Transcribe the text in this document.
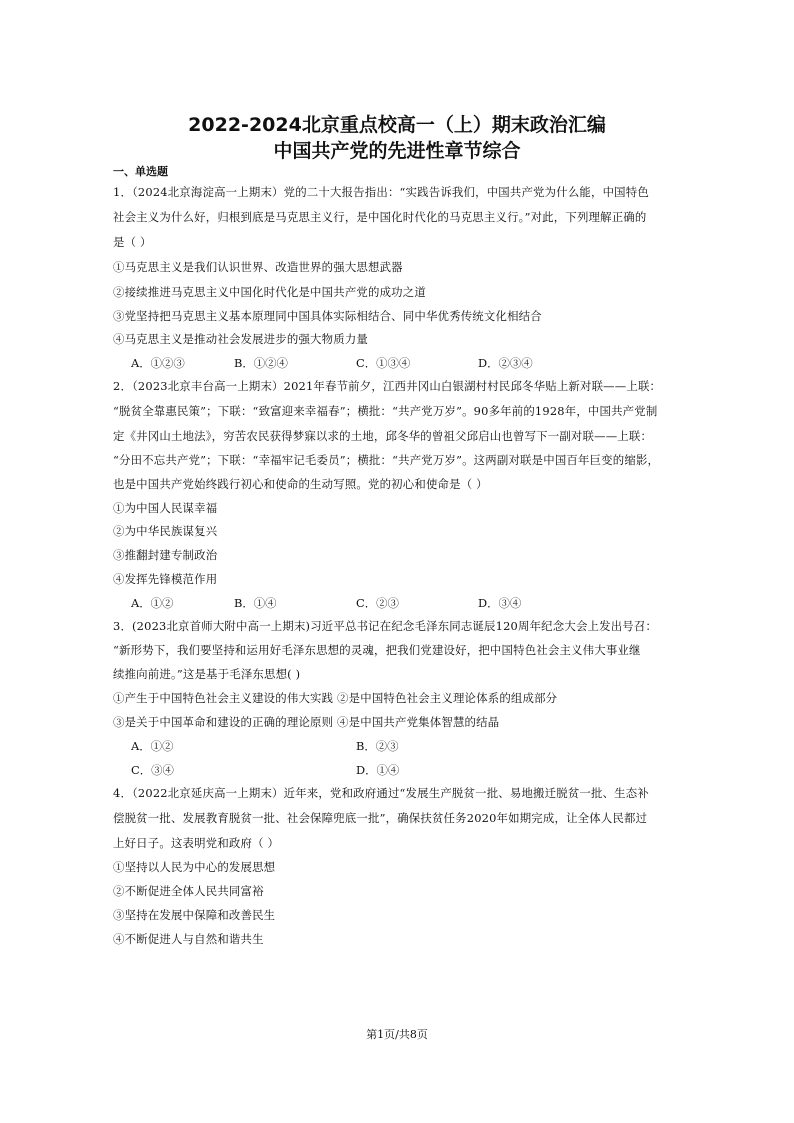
2022-2024北京重点校高一（上）期末政治汇编
中国共产党的先进性章节综合
一、单选题
1．（2024北京海淀高一上期末）党的二十大报告指出：“实践告诉我们，中国共产党为什么能，中国特色
社会主义为什么好，归根到底是马克思主义行，是中国化时代化的马克思主义行。”对此，下列理解正确的
是（ ）
①马克思主义是我们认识世界、改造世界的强大思想武器
②接续推进马克思主义中国化时代化是中国共产党的成功之道
③党坚持把马克思主义基本原理同中国具体实际相结合、同中华优秀传统文化相结合
④马克思主义是推动社会发展进步的强大物质力量
A．①②③	B．①②④	C．①③④	D．②③④
2．（2023北京丰台高一上期末）2021年春节前夕，江西井冈山白银湖村村民邱冬华贴上新对联——上联：
“脱贫全靠惠民策”；下联：“致富迎来幸福春”；横批：“共产党万岁”。90多年前的1928年，中国共产党制
定《井冈山土地法》，穷苦农民获得梦寐以求的土地，邱冬华的曾祖父邱启山也曾写下一副对联——上联：
“分田不忘共产党”；下联：“幸福牢记毛委员”；横批：“共产党万岁”。这两副对联是中国百年巨变的缩影，
也是中国共产党始终践行初心和使命的生动写照。党的初心和使命是（ ）
①为中国人民谋幸福
②为中华民族谋复兴
③推翻封建专制政治
④发挥先锋模范作用
A．①②	B．①④	C．②③	D．③④
3．(2023北京首师大附中高一上期末)习近平总书记在纪念毛泽东同志诞辰120周年纪念大会上发出号召：
“新形势下，我们要坚持和运用好毛泽东思想的灵魂，把我们党建设好，把中国特色社会主义伟大事业继
续推向前进。”这是基于毛泽东思想( )
①产生于中国特色社会主义建设的伟大实践 ②是中国特色社会主义理论体系的组成部分
③是关于中国革命和建设的正确的理论原则 ④是中国共产党集体智慧的结晶
A．①②	B．②③
C．③④	D．①④
4．（2022北京延庆高一上期末）近年来，党和政府通过“发展生产脱贫一批、易地搬迁脱贫一批、生态补
偿脱贫一批、发展教育脱贫一批、社会保障兜底一批”，确保扶贫任务2020年如期完成，让全体人民都过
上好日子。这表明党和政府（ ）
①坚持以人民为中心的发展思想
②不断促进全体人民共同富裕
③坚持在发展中保障和改善民生
④不断促进人与自然和谐共生
第1页/共8页
